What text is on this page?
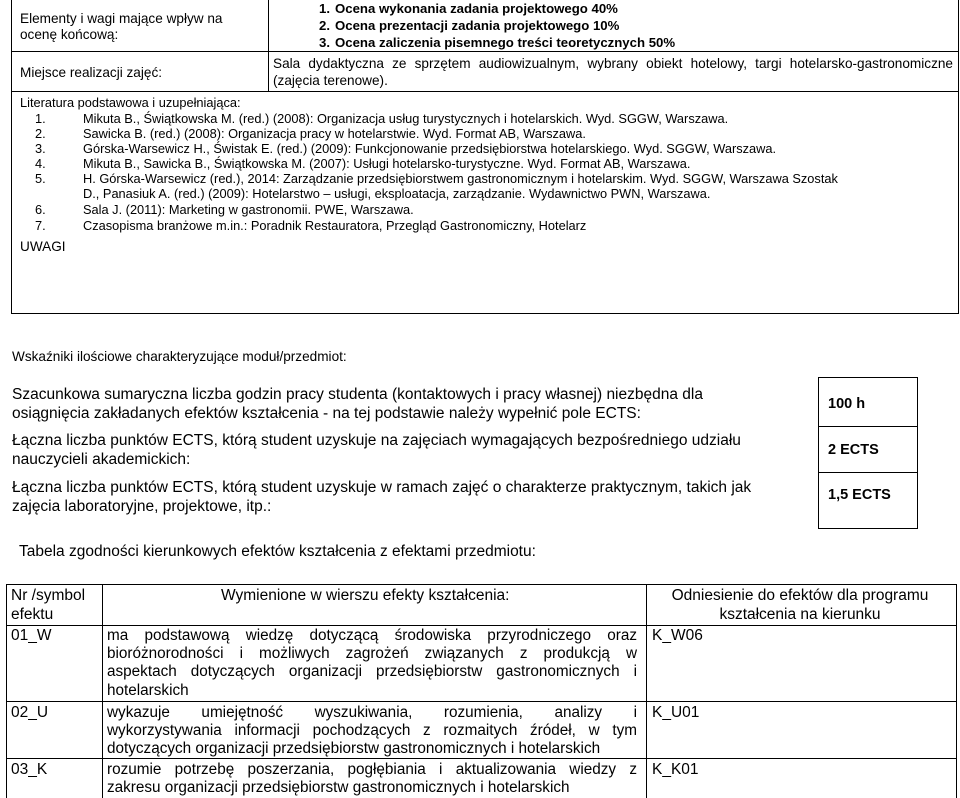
Elementy i wagi mające wpływ na ocenę końcową:
1. Ocena wykonania zadania projektowego 40%
2. Ocena prezentacji zadania projektowego 10%
3. Ocena zaliczenia pisemnego treści teoretycznych 50%
Miejsce realizacji zajęć:
Sala dydaktyczna ze sprzętem audiowizualnym, wybrany obiekt hotelowy, targi hotelarsko-gastronomiczne (zajęcia terenowe).
Literatura podstawowa i uzupełniająca:
1.	Mikuta B., Świątkowska M. (red.) (2008): Organizacja usług turystycznych i hotelarskich. Wyd. SGGW, Warszawa.
2.	Sawicka B. (red.) (2008): Organizacja pracy w hotelarstwie. Wyd. Format AB, Warszawa.
3.	Górska-Warsewicz H., Świstak E. (red.) (2009): Funkcjonowanie przedsiębiorstwa hotelarskiego. Wyd. SGGW, Warszawa.
4.	Mikuta B., Sawicka B., Świątkowska M. (2007): Usługi hotelarsko-turystyczne. Wyd. Format AB, Warszawa.
5.	H. Górska-Warsewicz (red.), 2014: Zarządzanie przedsiębiorstwem gastronomicznym i hotelarskim. Wyd. SGGW, Warszawa Szostak
D., Panasiuk A. (red.) (2009): Hotelarstwo – usługi, eksploatacja, zarządzanie. Wydawnictwo PWN, Warszawa.
6.	Sala J. (2011): Marketing w gastronomii. PWE, Warszawa.
7.	Czasopisma branżowe m.in.: Poradnik Restauratora, Przegląd Gastronomiczny, Hotelarz
UWAGI
Wskaźniki ilościowe charakteryzujące moduł/przedmiot:
Szacunkowa sumaryczna liczba godzin pracy studenta (kontaktowych i pracy własnej) niezbędna dla
osiągnięcia zakładanych efektów kształcenia - na tej podstawie należy wypełnić pole ECTS:
100 h
Łączna liczba punktów ECTS, którą student uzyskuje na zajęciach wymagających bezpośredniego udziału
nauczycieli akademickich:
2 ECTS
Łączna liczba punktów ECTS, którą student uzyskuje w ramach zajęć o charakterze praktycznym, takich jak
zajęcia laboratoryjne, projektowe, itp.:
1,5 ECTS
Tabela zgodności kierunkowych efektów kształcenia z efektami przedmiotu:
Nr /symbol
efektu
Wymienione w wierszu efekty kształcenia:	Odniesienie do efektów dla programu
kształcenia na kierunku
01_W	ma podstawową wiedzę dotyczącą środowiska przyrodniczego oraz
bioróżnorodności i możliwych zagrożeń związanych z produkcją w
aspektach dotyczących organizacji przedsiębiorstw gastronomicznych i
hotelarskich
K_W06
02_U	wykazuje umiejętność wyszukiwania, rozumienia, analizy i
wykorzystywania informacji pochodzących z rozmaitych źródeł, w tym
dotyczących organizacji przedsiębiorstw gastronomicznych i hotelarskich
K_U01
03_K	rozumie potrzebę poszerzania, pogłębiania i aktualizowania wiedzy z
zakresu organizacji przedsiębiorstw gastronomicznych i hotelarskich
K_K01
